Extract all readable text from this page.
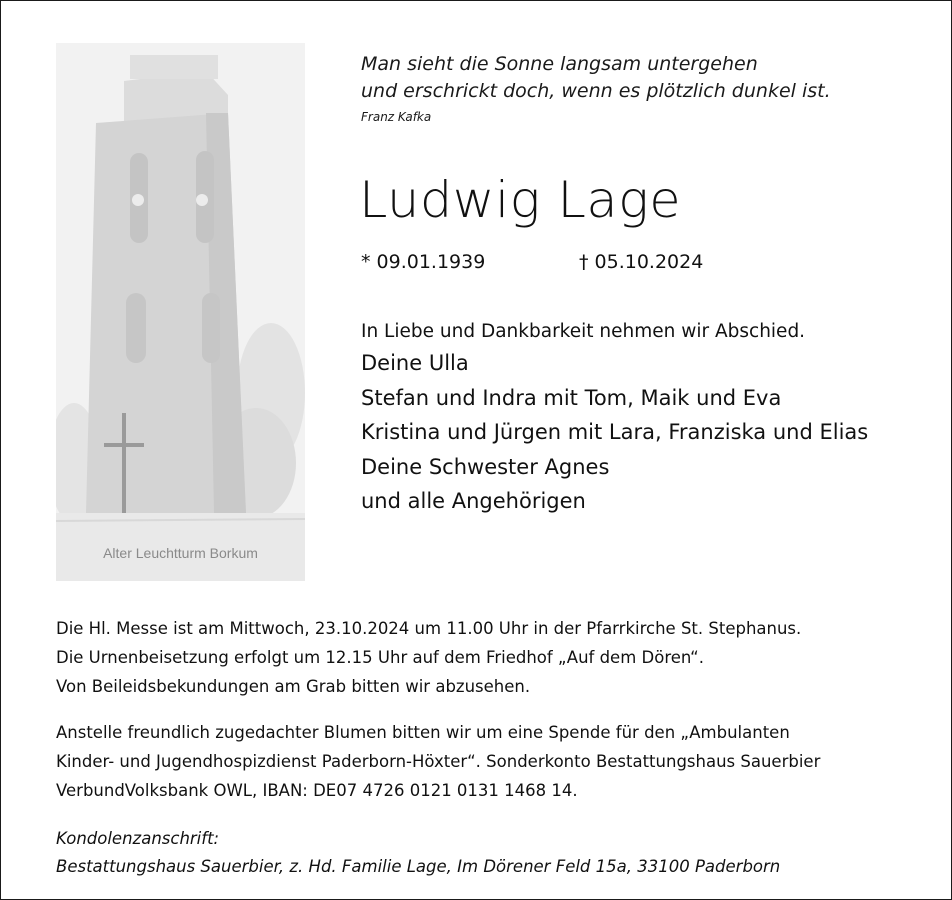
Alter Leuchtturm Borkum
Man sieht die Sonne langsam untergehen
und erschrickt doch, wenn es plötzlich dunkel ist.
Franz Kafka
Ludwig Lage
* 09.01.1939	† 05.10.2024
In Liebe und Dankbarkeit nehmen wir Abschied.
Deine Ulla
Stefan und Indra mit Tom, Maik und Eva
Kristina und Jürgen mit Lara, Franziska und Elias
Deine Schwester Agnes
und alle Angehörigen
Die Hl. Messe ist am Mittwoch, 23.10.2024 um 11.00 Uhr in der Pfarrkirche St. Stephanus.
Die Urnenbeisetzung erfolgt um 12.15 Uhr auf dem Friedhof „Auf dem Dören“.
Von Beileidsbekundungen am Grab bitten wir abzusehen.
Anstelle freundlich zugedachter Blumen bitten wir um eine Spende für den „Ambulanten
Kinder- und Jugendhospizdienst Paderborn-Höxter“. Sonderkonto Bestattungshaus Sauerbier
VerbundVolksbank OWL, IBAN: DE07 4726 0121 0131 1468 14.
Kondolenzanschrift:
Bestattungshaus Sauerbier, z. Hd. Familie Lage, Im Dörener Feld 15a, 33100 Paderborn
